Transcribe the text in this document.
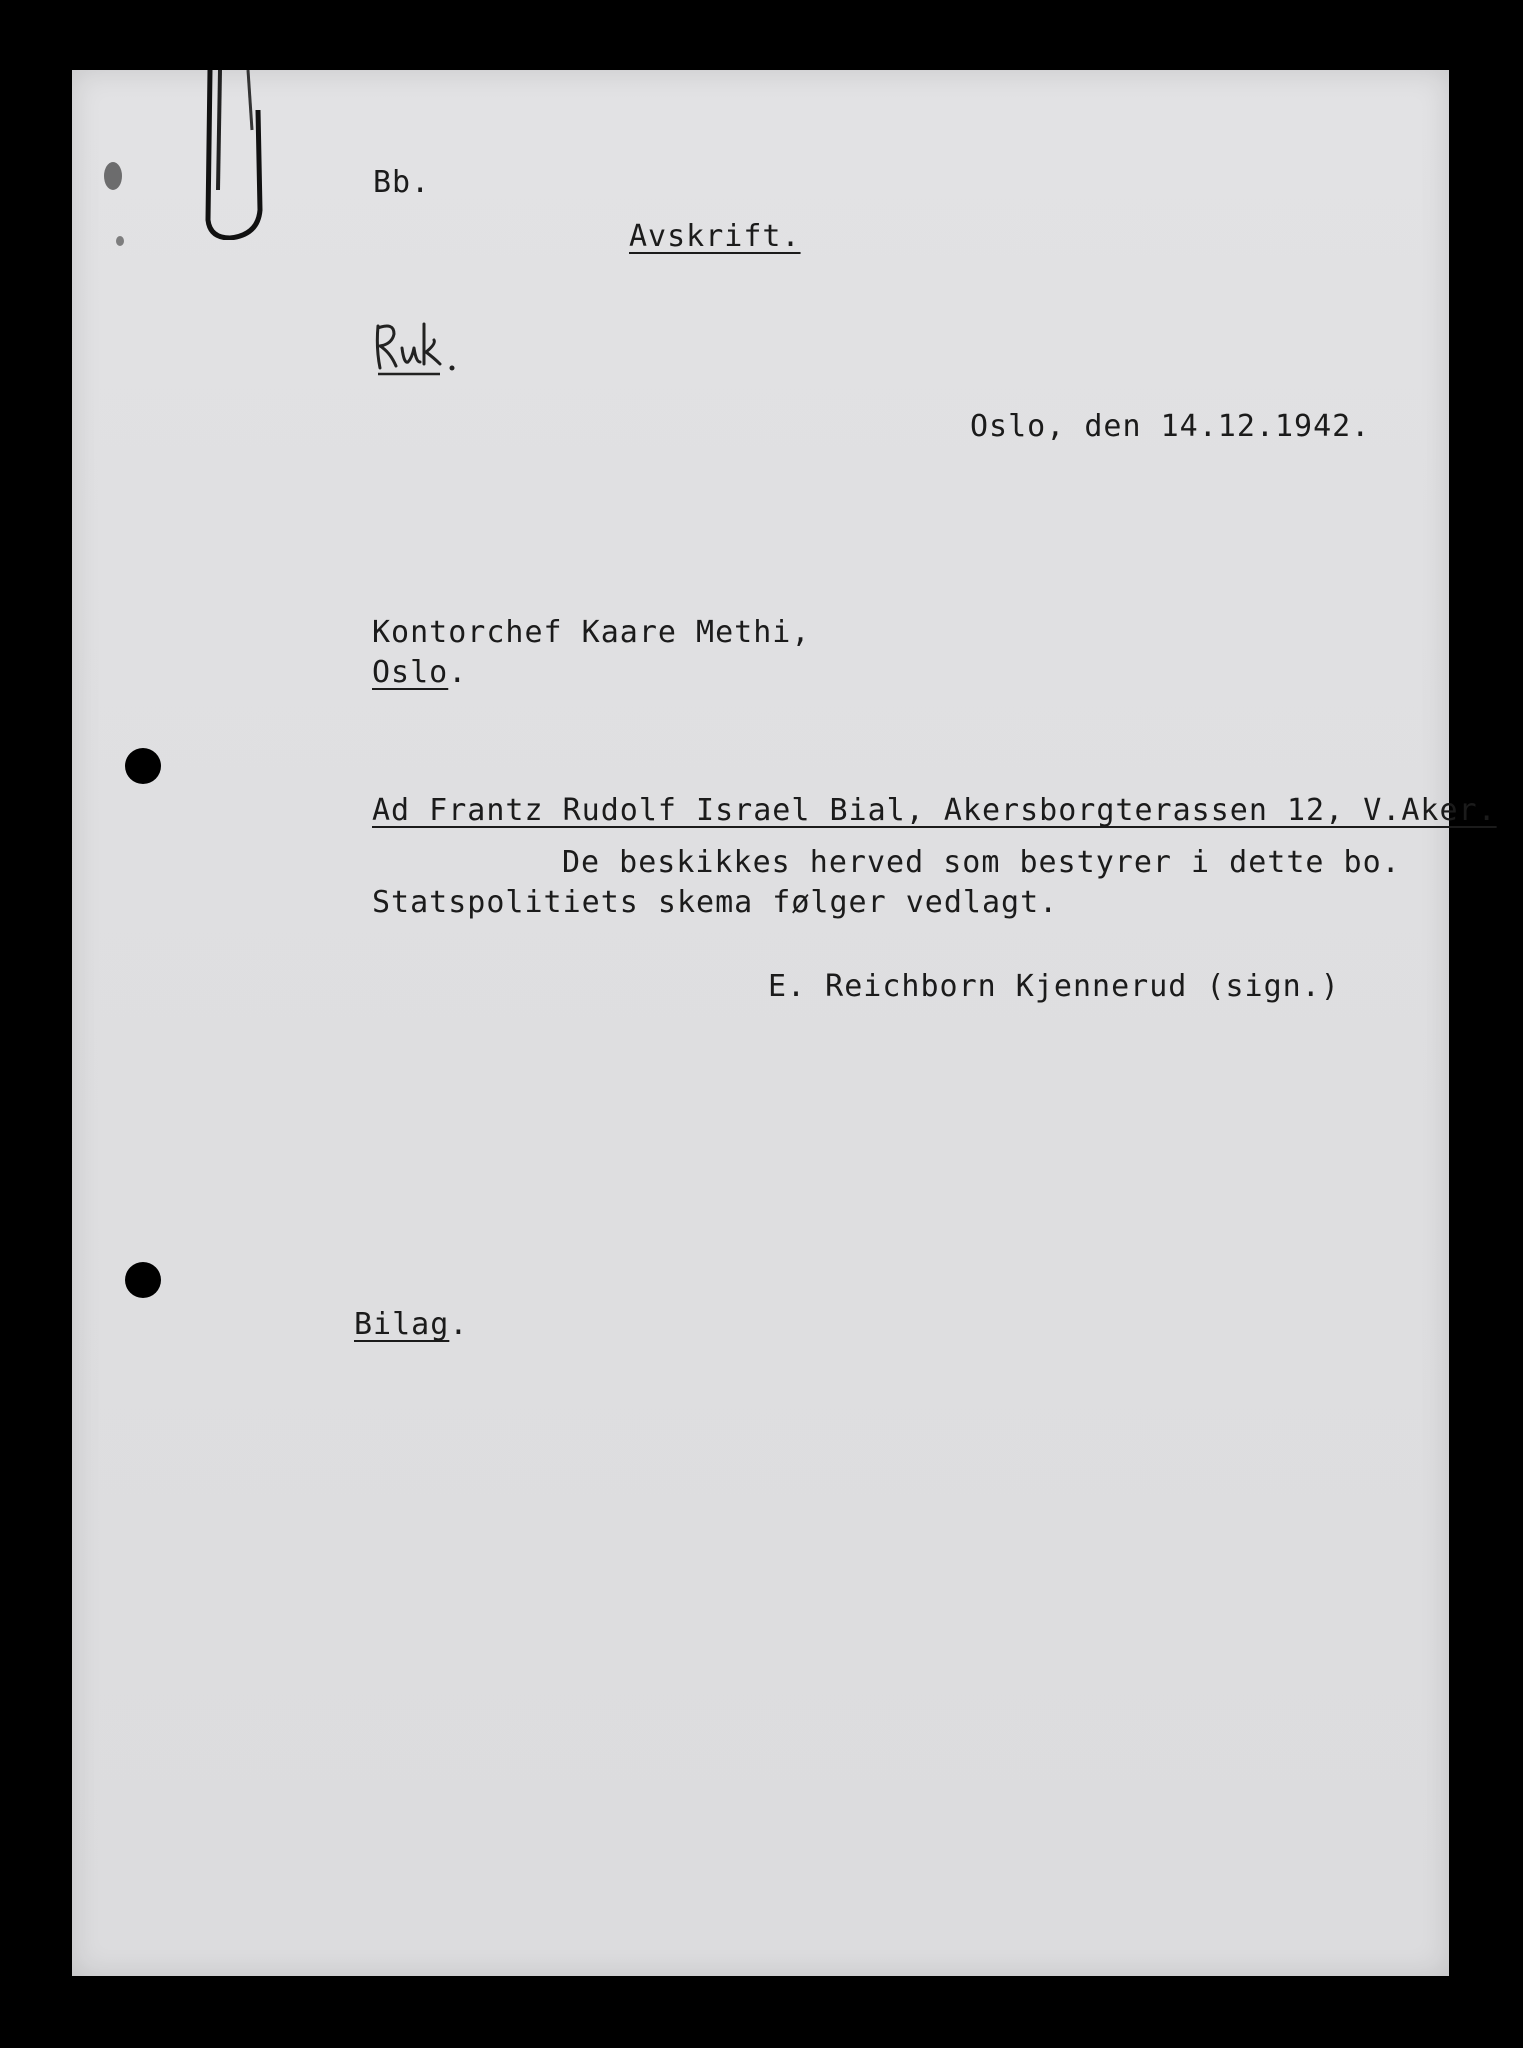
Bb.
Avskrift.
Oslo, den 14.12.1942.
Kontorchef Kaare Methi,
Oslo.
Ad Frantz Rudolf Israel Bial, Akersborgterassen 12, V.Aker.
De beskikkes herved som bestyrer i dette bo.
Statspolitiets skema følger vedlagt.
E. Reichborn Kjennerud (sign.)
Bilag.
